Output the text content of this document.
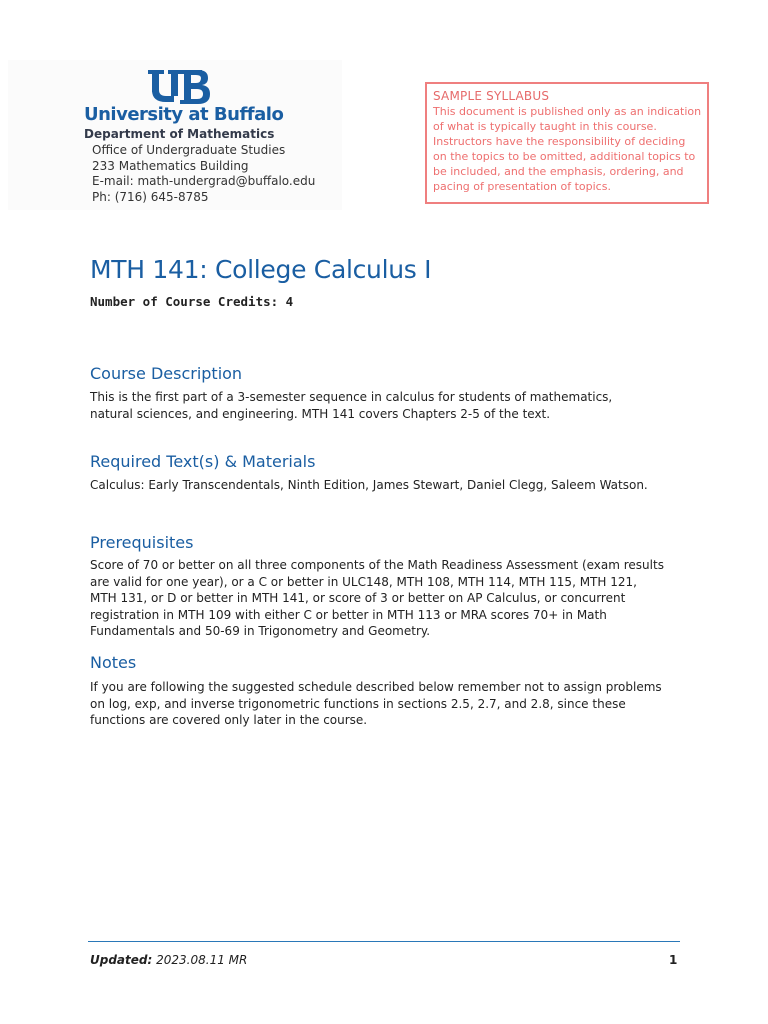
University at Buffalo
Department of Mathematics
Office of Undergraduate Studies
233 Mathematics Building
E-mail: math-undergrad@buffalo.edu
Ph: (716) 645-8785
SAMPLE SYLLABUS
This document is published only as an indication
of what is typically taught in this course.
Instructors have the responsibility of deciding
on the topics to be omitted, additional topics to
be included, and the emphasis, ordering, and
pacing of presentation of topics.
MTH 141: College Calculus I
Number of Course Credits: 4
Course Description
This is the first part of a 3-semester sequence in calculus for students of mathematics,
natural sciences, and engineering. MTH 141 covers Chapters 2-5 of the text.
Required Text(s) & Materials
Calculus: Early Transcendentals, Ninth Edition, James Stewart, Daniel Clegg, Saleem Watson.
Prerequisites
Score of 70 or better on all three components of the Math Readiness Assessment (exam results
are valid for one year), or a C or better in ULC148, MTH 108, MTH 114, MTH 115, MTH 121,
MTH 131, or D or better in MTH 141, or score of 3 or better on AP Calculus, or concurrent
registration in MTH 109 with either C or better in MTH 113 or MRA scores 70+ in Math
Fundamentals and 50-69 in Trigonometry and Geometry.
Notes
If you are following the suggested schedule described below remember not to assign problems
on log, exp, and inverse trigonometric functions in sections 2.5, 2.7, and 2.8, since these
functions are covered only later in the course.
Updated: 2023.08.11 MR	1
